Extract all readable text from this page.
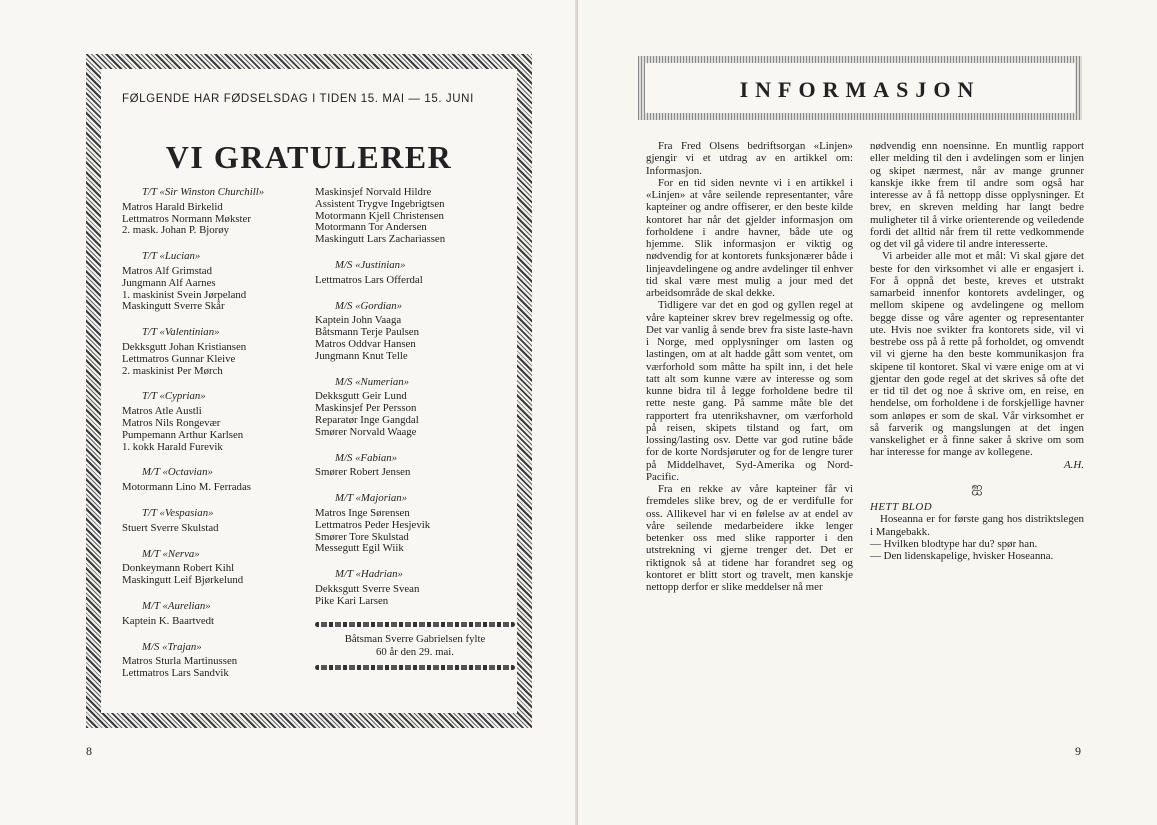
FØLGENDE HAR FØDSELSDAG I TIDEN 15. MAI — 15. JUNI
VI GRATULERER
T/T «Sir Winston Churchill»
Matros Harald Birkelid
Lettmatros Normann Møkster
2. mask. Johan P. Bjorøy
T/T «Lucian»
Matros Alf Grimstad
Jungmann Alf Aarnes
1. maskinist Svein Jørpeland
Maskingutt Sverre Skår
T/T «Valentinian»
Dekksgutt Johan Kristiansen
Lettmatros Gunnar Kleive
2. maskinist Per Mørch
T/T «Cyprian»
Matros Atle Austli
Matros Nils Rongevær
Pumpemann Arthur Karlsen
1. kokk Harald Furevik
M/T «Octavian»
Motormann Lino M. Ferradas
T/T «Vespasian»
Stuert Sverre Skulstad
M/T «Nerva»
Donkeymann Robert Kihl
Maskingutt Leif Bjørkelund
M/T «Aurelian»
Kaptein K. Baartvedt
M/S «Trajan»
Matros Sturla Martinussen
Lettmatros Lars Sandvik
Maskinsjef Norvald Hildre
Assistent Trygve Ingebrigtsen
Motormann Kjell Christensen
Motormann Tor Andersen
Maskingutt Lars Zachariassen
M/S «Justinian»
Lettmatros Lars Offerdal
M/S «Gordian»
Kaptein John Vaaga
Båtsmann Terje Paulsen
Matros Oddvar Hansen
Jungmann Knut Telle
M/S «Numerian»
Dekksgutt Geir Lund
Maskinsjef Per Persson
Reparatør Inge Gangdal
Smører Norvald Waage
M/S «Fabian»
Smører Robert Jensen
M/T «Majorian»
Matros Inge Sørensen
Lettmatros Peder Hesjevik
Smører Tore Skulstad
Messegutt Egil Wiik
M/T «Hadrian»
Dekksgutt Sverre Svean
Pike Kari Larsen
Båtsman Sverre Gabrielsen fylte
60 år den 29. mai.
8
INFORMASJON

Fra Fred Olsens bedriftsorgan «Linjen» gjengir vi et utdrag av en artikkel om: Informasjon.

For en tid siden nevnte vi i en artikkel i «Linjen» at våre seilende representanter, våre kapteiner og andre offiserer, er den beste kilde kontoret har når det gjelder informasjon om forholdene i andre havner, både ute og hjemme. Slik informasjon er viktig og nødvendig for at kontorets funksjonærer både i linjeavdelingene og andre avdelinger til enhver tid skal være mest mulig a jour med det arbeidsområde de skal dekke.

Tidligere var det en god og gyllen regel at våre kapteiner skrev brev regelmessig og ofte. Det var vanlig å sende brev fra siste laste-havn i Norge, med opplysninger om lasten og lastingen, om at alt hadde gått som ventet, om værforhold som måtte ha spilt inn, i det hele tatt alt som kunne være av interesse og som kunne bidra til å legge forholdene bedre til rette neste gang. På samme måte ble det rapportert fra utenrikshavner, om værforhold på reisen, skipets tilstand og fart, om lossing/lasting osv. Dette var god rutine både for de korte Nordsjøruter og for de lengre turer på Middelhavet, Syd-Amerika og Nord-Pacific.

Fra en rekke av våre kapteiner får vi fremdeles slike brev, og de er verdifulle for oss. Allikevel har vi en følelse av at endel av våre seilende medarbeidere ikke lenger betenker oss med slike rapporter i den utstrekning vi gjerne trenger det. Det er riktignok så at tidene har forandret seg og kontoret er blitt stort og travelt, men kanskje nettopp derfor er slike meddelser nå mer

nødvendig enn noensinne. En muntlig rapport eller melding til den i avdelingen som er linjen og skipet nærmest, når av mange grunner kanskje ikke frem til andre som også har interesse av å få nettopp disse opplysninger. Et brev, en skreven melding har langt bedre muligheter til å virke orienterende og veiledende fordi det alltid når frem til rette vedkommende og det vil gå videre til andre interesserte.

Vi arbeider alle mot et mål: Vi skal gjøre det beste for den virksomhet vi alle er engasjert i. For å oppnå det beste, kreves et utstrakt samarbeid innenfor kontorets avdelinger, og mellom skipene og avdelingene og mellom begge disse og våre agenter og representanter ute. Hvis noe svikter fra kontorets side, vil vi bestrebe oss på å rette på forholdet, og omvendt vil vi gjerne ha den beste kommunikasjon fra skipene til kontoret. Skal vi være enige om at vi gjentar den gode regel at det skrives så ofte det er tid til det og noe å skrive om, en reise, en hendelse, om forholdene i de forskjellige havner som anløpes er som de skal. Vår virksomhet er så farverik og mangslungen at det ingen vanskelighet er å finne saker å skrive om som har interesse for mange av kollegene.

A.H.

ஐ

HETT BLOD

Hoseanna er for første gang hos distriktslegen i Mangebakk.

— Hvilken blodtype har du? spør han.

— Den lidenskapelige, hvisker Hoseanna.

9
